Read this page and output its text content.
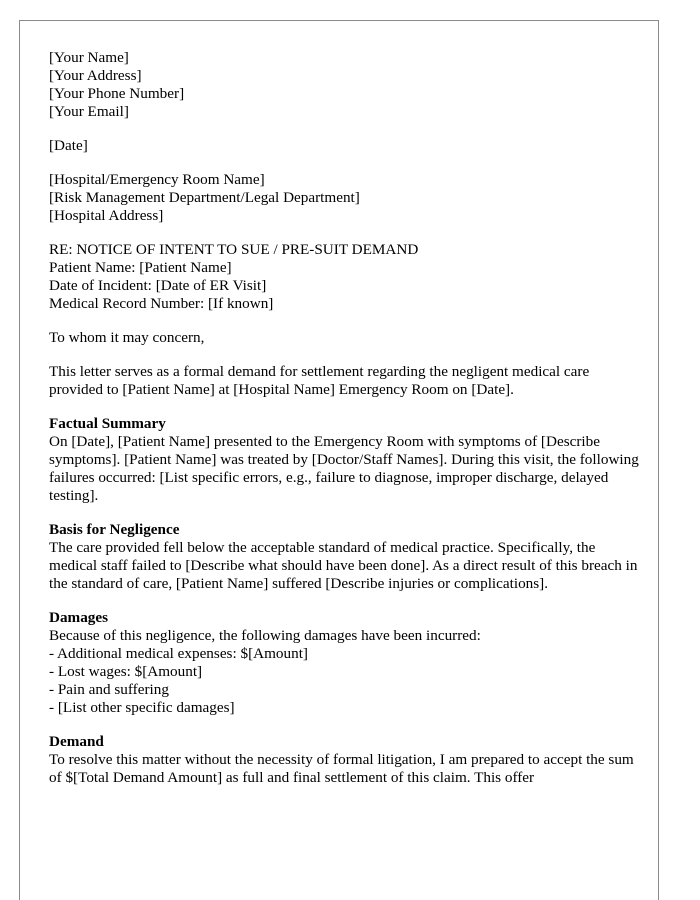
[Your Name]
[Your Address]
[Your Phone Number]
[Your Email]
[Date]
[Hospital/Emergency Room Name]
[Risk Management Department/Legal Department]
[Hospital Address]
RE: NOTICE OF INTENT TO SUE / PRE-SUIT DEMAND
Patient Name: [Patient Name]
Date of Incident: [Date of ER Visit]
Medical Record Number: [If known]
To whom it may concern,
This letter serves as a formal demand for settlement regarding the negligent medical care provided to [Patient Name] at [Hospital Name] Emergency Room on [Date].
Factual Summary
On [Date], [Patient Name] presented to the Emergency Room with symptoms of [Describe symptoms]. [Patient Name] was treated by [Doctor/Staff Names]. During this visit, the following failures occurred: [List specific errors, e.g., failure to diagnose, improper discharge, delayed testing].
Basis for Negligence
The care provided fell below the acceptable standard of medical practice. Specifically, the medical staff failed to [Describe what should have been done]. As a direct result of this breach in the standard of care, [Patient Name] suffered [Describe injuries or complications].
Damages
Because of this negligence, the following damages have been incurred:
- Additional medical expenses: $[Amount]
- Lost wages: $[Amount]
- Pain and suffering
- [List other specific damages]
Demand
To resolve this matter without the necessity of formal litigation, I am prepared to accept the sum of $[Total Demand Amount] as full and final settlement of this claim. This offer
